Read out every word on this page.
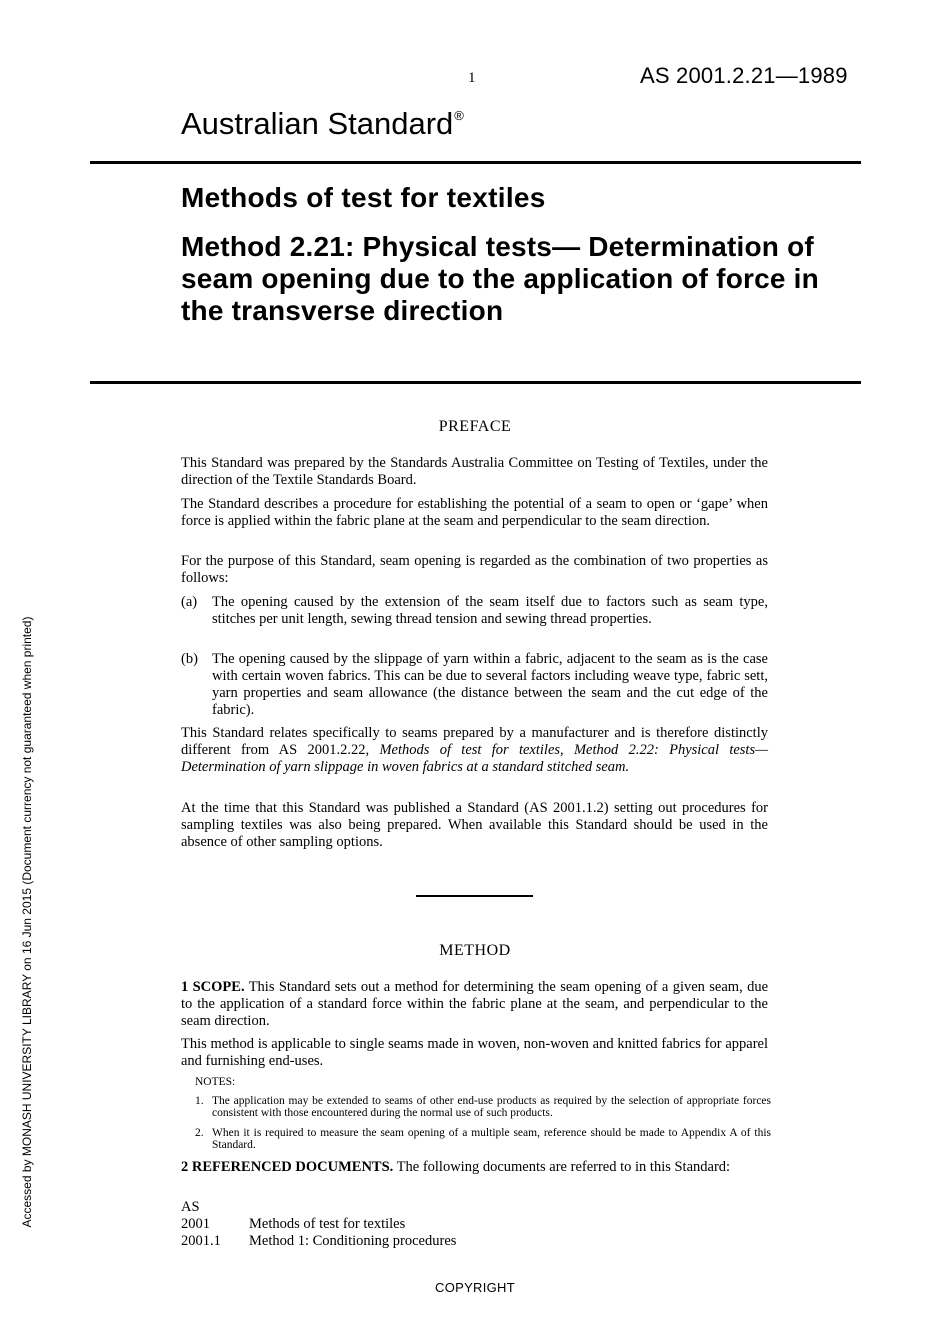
1	AS 2001.2.21—1989
Australian Standard®
Methods of test for textiles
Method 2.21: Physical tests— Determination of seam opening due to the application of force in the transverse direction
PREFACE

This Standard was prepared by the Standards Australia Committee on Testing of Textiles, under the direction of the Textile Standards Board.

The Standard describes a procedure for establishing the potential of a seam to open or ‘gape’ when force is applied within the fabric plane at the seam and perpendicular to the seam direction.

For the purpose of this Standard, seam opening is regarded as the combination of two properties as follows:

(a) The opening caused by the extension of the seam itself due to factors such as seam type, stitches per unit length, sewing thread tension and sewing thread properties.
(b) The opening caused by the slippage of yarn within a fabric, adjacent to the seam as is the case with certain woven fabrics. This can be due to several factors including weave type, fabric sett, yarn properties and seam allowance (the distance between the seam and the cut edge of the fabric).

This Standard relates specifically to seams prepared by a manufacturer and is therefore distinctly different from AS 2001.2.22, Methods of test for textiles, Method 2.22: Physical tests—Determination of yarn slippage in woven fabrics at a standard stitched seam.

At the time that this Standard was published a Standard (AS 2001.1.2) setting out procedures for sampling textiles was also being prepared. When available this Standard should be used in the absence of other sampling options.

METHOD

1 SCOPE. This Standard sets out a method for determining the seam opening of a given seam, due to the application of a standard force within the fabric plane at the seam, and perpendicular to the seam direction.

This method is applicable to single seams made in woven, non-woven and knitted fabrics for apparel and furnishing end-uses.

NOTES:
1. The application may be extended to seams of other end-use products as required by the selection of appropriate forces consistent with those encountered during the normal use of such products.
2. When it is required to measure the seam opening of a multiple seam, reference should be made to Appendix A of this Standard.

2 REFERENCED DOCUMENTS. The following documents are referred to in this Standard:

AS
2001	Methods of test for textiles
2001.1 Method 1: Conditioning procedures
COPYRIGHT
Accessed by MONASH UNIVERSITY LIBRARY on 16 Jun 2015 (Document currency not guaranteed when printed)
